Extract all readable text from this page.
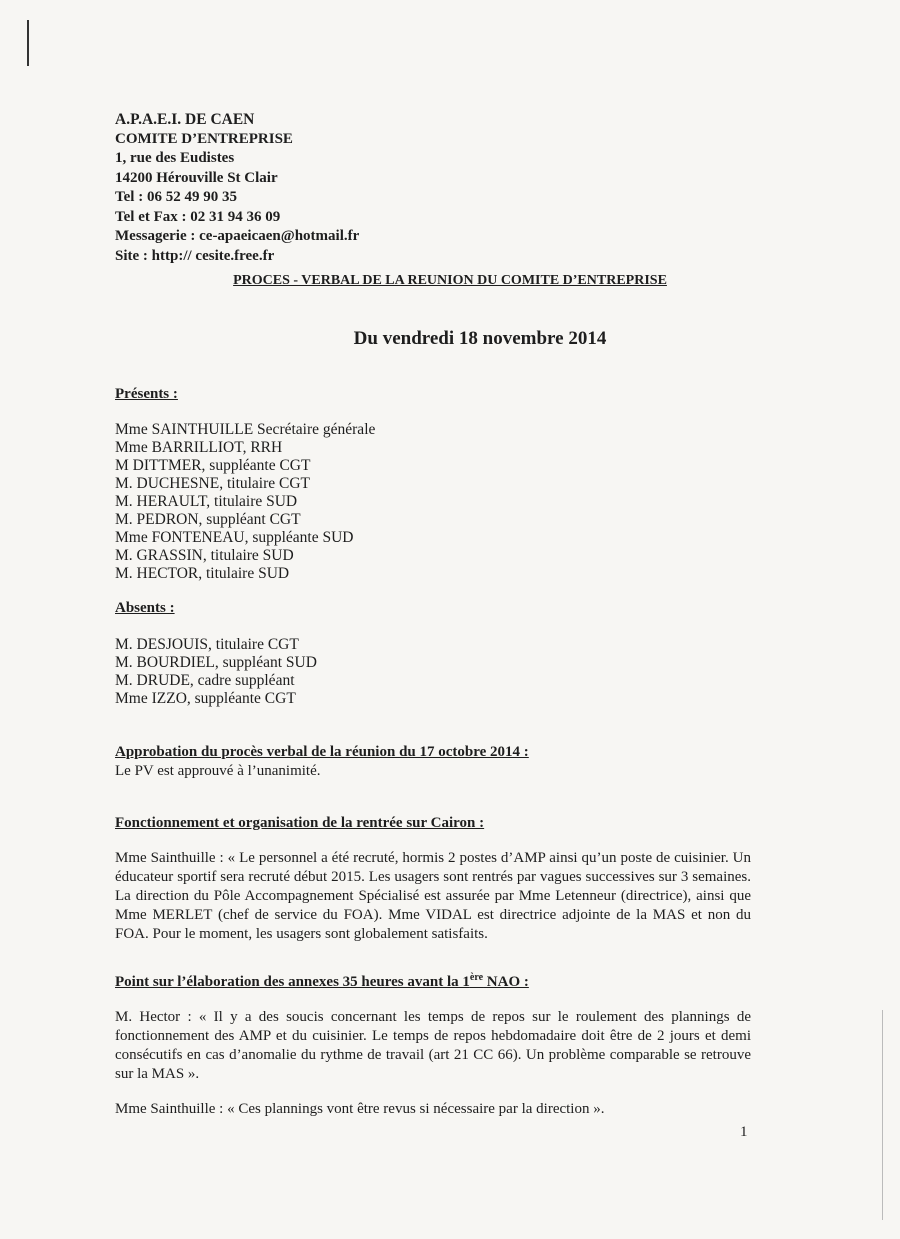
A.P.A.E.I. DE CAEN
COMITE D’ENTREPRISE
1, rue des Eudistes
14200 Hérouville St Clair
Tel : 06 52 49 90 35
Tel et Fax : 02 31 94 36 09
Messagerie : ce-apaeicaen@hotmail.fr
Site : http:// cesite.free.fr
PROCES - VERBAL DE LA REUNION DU COMITE D’ENTREPRISE
Du vendredi 18 novembre 2014
Présents :
Mme SAINTHUILLE Secrétaire générale
Mme BARRILLIOT, RRH
M DITTMER, suppléante CGT
M. DUCHESNE, titulaire CGT
M. HERAULT, titulaire SUD
M. PEDRON, suppléant CGT
Mme FONTENEAU, suppléante SUD
M. GRASSIN, titulaire SUD
M. HECTOR, titulaire SUD
Absents :
M. DESJOUIS, titulaire CGT
M. BOURDIEL, suppléant SUD
M. DRUDE, cadre suppléant
Mme IZZO, suppléante CGT
Approbation du procès verbal de la réunion du 17 octobre 2014 :
Le PV est approuvé à l’unanimité.
Fonctionnement et organisation de la rentrée sur Cairon :
Mme Sainthuille : « Le personnel a été recruté, hormis 2 postes d’AMP ainsi qu’un poste de cuisinier. Un éducateur sportif sera recruté début 2015. Les usagers sont rentrés par vagues successives sur 3 semaines. La direction du Pôle Accompagnement Spécialisé est assurée par Mme Letenneur (directrice), ainsi que Mme MERLET (chef de service du FOA). Mme VIDAL est directrice adjointe de la MAS et non du FOA. Pour le moment, les usagers sont globalement satisfaits.
Point sur l’élaboration des annexes 35 heures avant la 1ère NAO :
M. Hector : « Il y a des soucis concernant les temps de repos sur le roulement des plannings de fonctionnement des AMP et du cuisinier. Le temps de repos hebdomadaire doit être de 2 jours et demi consécutifs en cas d’anomalie du rythme de travail (art 21 CC 66). Un problème comparable se retrouve sur la MAS ».
Mme Sainthuille : « Ces plannings vont être revus si nécessaire par la direction ».
1
